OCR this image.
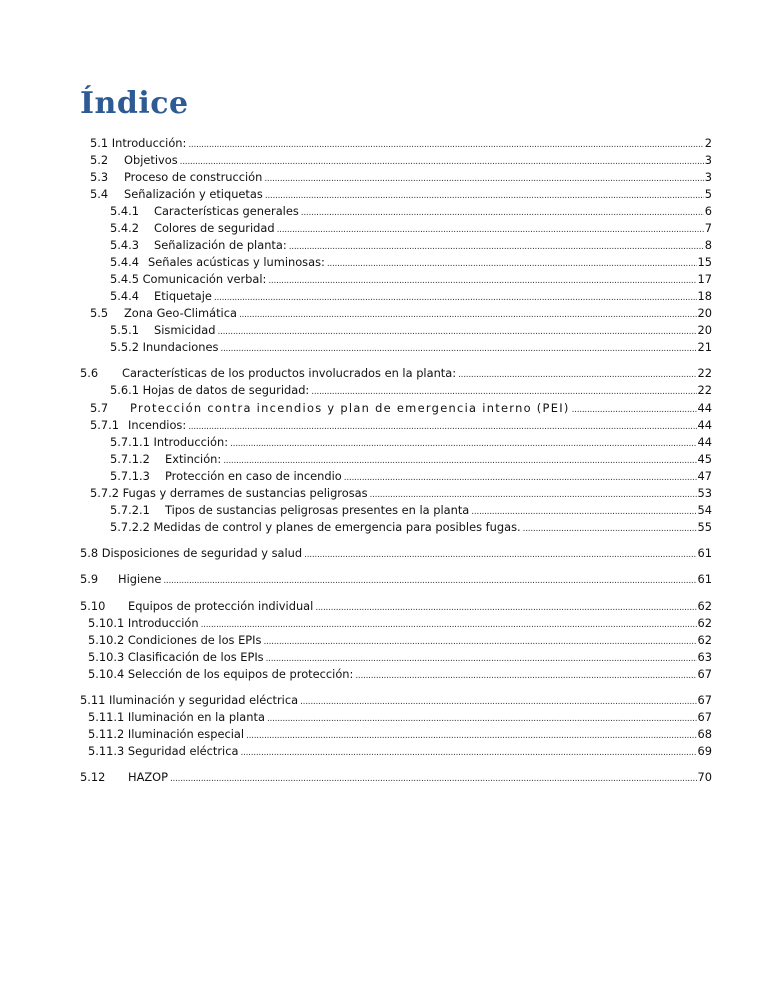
Índice
5.1 Introducción: .....	2
5.2	Objetivos .....	3
5.3	Proceso de construcción .....	3
5.4	Señalización y etiquetas .....	5
5.4.1	Características generales .....	6
5.4.2	Colores de seguridad .....	7
5.4.3	Señalización de planta: .....	8
5.4.4 Señales acústicas y luminosas: .....	15
5.4.5 Comunicación verbal: .....	17
5.4.4	Etiquetaje .....	18
5.5	Zona Geo-Climática .....	20
5.5.1	Sismicidad .....	20
5.5.2 Inundaciones .....	21
5.6	Características de los productos involucrados en la planta: .....	22
5.6.1 Hojas de datos de seguridad: .....	22
5.7	Protección contra incendios y plan de emergencia interno (PEI) .....	44
5.7.1 Incendios: .....	44
5.7.1.1 Introducción: .....	44
5.7.1.2	Extinción: .....	45
5.7.1.3	Protección en caso de incendio .....	47
5.7.2 Fugas y derrames de sustancias peligrosas .....	53
5.7.2.1	Tipos de sustancias peligrosas presentes en la planta .....	54
5.7.2.2 Medidas de control y planes de emergencia para posibles fugas. .....	55
5.8 Disposiciones de seguridad y salud .....	61
5.9	Higiene .....	61
5.10	Equipos de protección individual .....	62
5.10.1 Introducción .....	62
5.10.2 Condiciones de los EPIs .....	62
5.10.3 Clasificación de los EPIs .....	63
5.10.4 Selección de los equipos de protección: .....	67
5.11 Iluminación y seguridad eléctrica .....	67
5.11.1 Iluminación en la planta .....	67
5.11.2 Iluminación especial .....	68
5.11.3 Seguridad eléctrica .....	69
5.12	HAZOP .....	70
